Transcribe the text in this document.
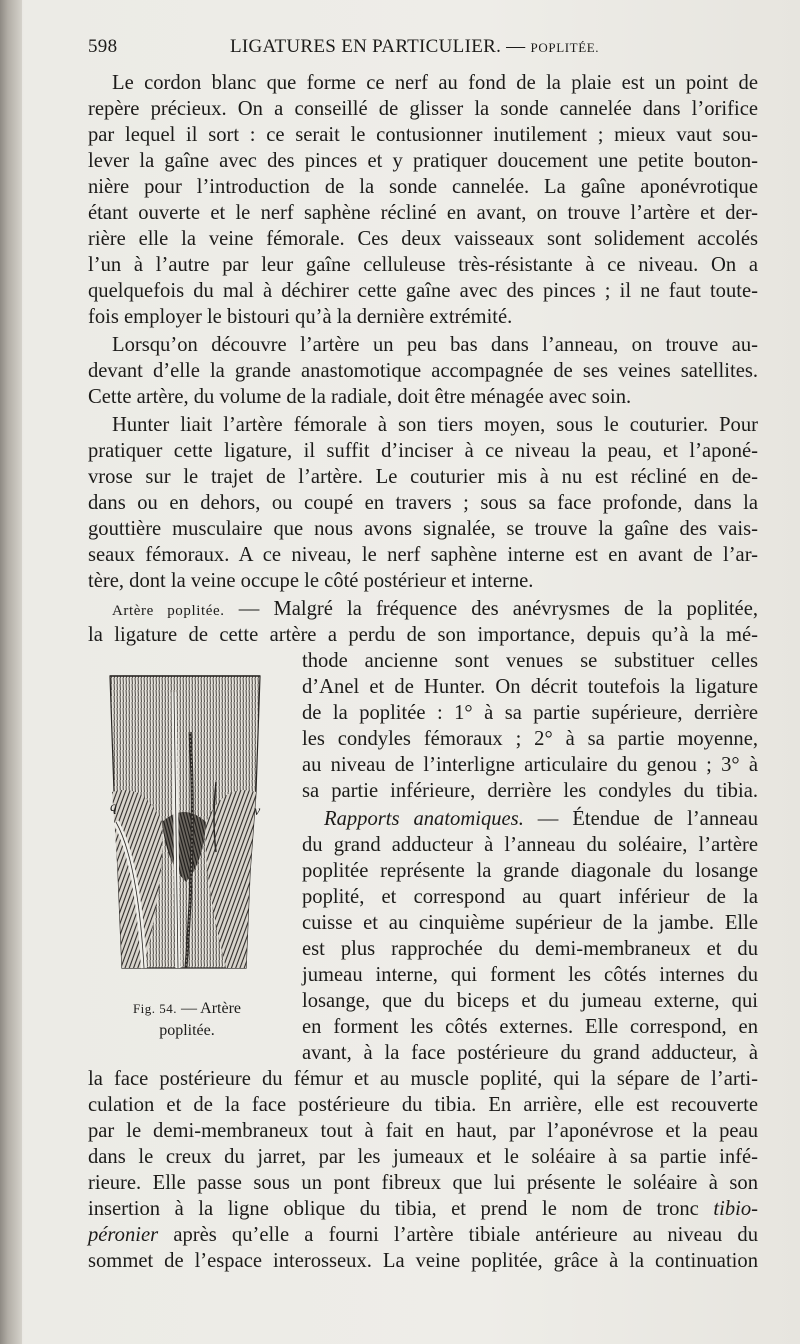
598	LIGATURES EN PARTICULIER. — POPLITÉE.
Le cordon blanc que forme ce nerf au fond de la plaie est un point de
repère précieux. On a conseillé de glisser la sonde cannelée dans l’orifice
par lequel il sort : ce serait le contusionner inutilement ; mieux vaut sou-
lever la gaîne avec des pinces et y pratiquer doucement une petite bouton-
nière pour l’introduction de la sonde cannelée. La gaîne aponévrotique
étant ouverte et le nerf saphène récliné en avant, on trouve l’artère et der-
rière elle la veine fémorale. Ces deux vaisseaux sont solidement accolés
l’un à l’autre par leur gaîne celluleuse très-résistante à ce niveau. On a
quelquefois du mal à déchirer cette gaîne avec des pinces ; il ne faut toute-
fois employer le bistouri qu’à la dernière extrémité.
Lorsqu’on découvre l’artère un peu bas dans l’anneau, on trouve au-
devant d’elle la grande anastomotique accompagnée de ses veines satellites.
Cette artère, du volume de la radiale, doit être ménagée avec soin.
Hunter liait l’artère fémorale à son tiers moyen, sous le couturier. Pour
pratiquer cette ligature, il suffit d’inciser à ce niveau la peau, et l’aponé-
vrose sur le trajet de l’artère. Le couturier mis à nu est récliné en de-
dans ou en dehors, ou coupé en travers ; sous sa face profonde, dans la
gouttière musculaire que nous avons signalée, se trouve la gaîne des vais-
seaux fémoraux. A ce niveau, le nerf saphène interne est en avant de l’ar-
tère, dont la veine occupe le côté postérieur et interne.
Artère poplitée. — Malgré la fréquence des anévrysmes de la poplitée,
la ligature de cette artère a perdu de son importance, depuis qu’à la mé-
thode ancienne sont venues se substituer celles
d’Anel et de Hunter. On décrit toutefois la ligature
de la poplitée : 1° à sa partie supérieure, derrière
les condyles fémoraux ; 2° à sa partie moyenne,
au niveau de l’interligne articulaire du genou ; 3° à
sa partie inférieure, derrière les condyles du tibia.
Rapports anatomiques. — Étendue de l’anneau
du grand adducteur à l’anneau du soléaire, l’artère
poplitée représente la grande diagonale du losange
poplité, et correspond au quart inférieur de la
cuisse et au cinquième supérieur de la jambe. Elle
est plus rapprochée du demi-membraneux et du
jumeau interne, qui forment les côtés internes du
losange, que du biceps et du jumeau externe, qui
en forment les côtés externes. Elle correspond, en
avant, à la face postérieure du grand adducteur, à
la face postérieure du fémur et au muscle poplité, qui la sépare de l’arti-
culation et de la face postérieure du tibia. En arrière, elle est recouverte
par le demi-membraneux tout à fait en haut, par l’aponévrose et la peau
dans le creux du jarret, par les jumeaux et le soléaire à sa partie infé-
rieure. Elle passe sous un pont fibreux que lui présente le soléaire à son
insertion à la ligne oblique du tibia, et prend le nom de tronc tibio-
péronier après qu’elle a fourni l’artère tibiale antérieure au niveau du
sommet de l’espace interosseux. La veine poplitée, grâce à la continuation
q	v
Fig. 54. — Artère
poplitée.
